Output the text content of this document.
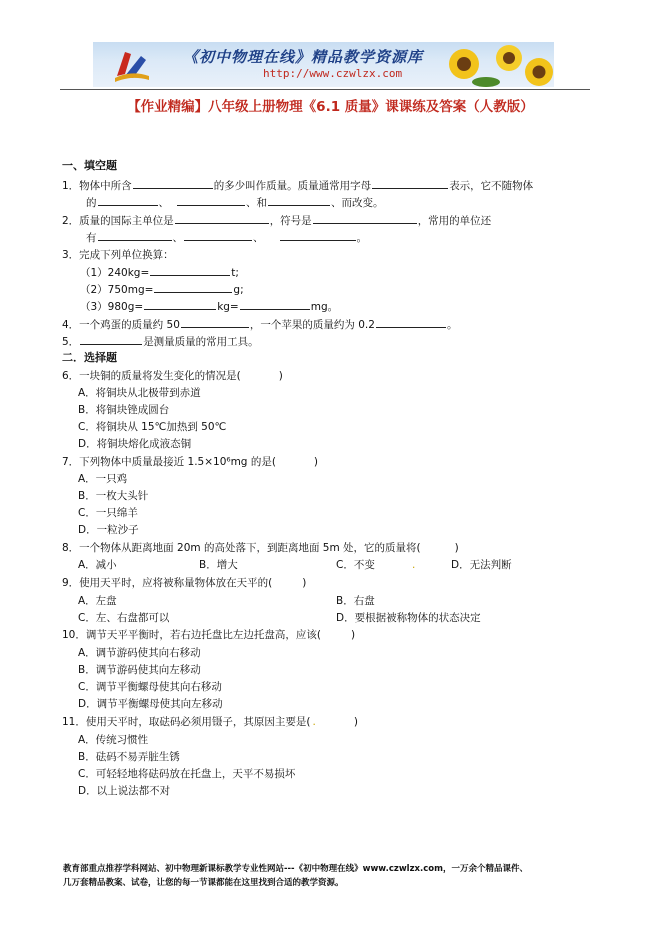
《初中物理在线》精品教学资源库
http://www.czwlzx.com
【作业精编】八年级上册物理《6.1 质量》课课练及答案（人教版）
一、填空题
1．物体中所含	的多少叫作质量。质量通常用字母	表示，它不随物体
的	、	、和	、而改变。
2．质量的国际主单位是	，符号是	，常用的单位还
有	、	、	。
3．完成下列单位换算：
（1）240kg=	t;
（2）750mg=	g;
（3）980g=	kg=	mg。
4．一个鸡蛋的质量约 50	，一个苹果的质量约为 0.2	。
5．	是测量质量的常用工具。
二．选择题
6．一块铜的质量将发生变化的情况是(	)
A．将铜块从北极带到赤道
B．将铜块锉成圆台
C．将铜块从 15℃加热到 50℃
D．将铜块熔化成液态铜
7．下列物体中质量最接近 1.5×10⁶mg 的是(	)
A．一只鸡
B．一枚大头针
C．一只绵羊
D．一粒沙子
8．一个物体从距离地面 20m 的高处落下，到距离地面 5m 处，它的质量将(	)
A．减小	B．增大	C．不变	.	D．无法判断
9．使用天平时，应将被称量物体放在天平的(	)
A．左盘	B．右盘
C．左、右盘都可以	D．要根据被称物体的状态决定
10．调节天平平衡时，若右边托盘比左边托盘高，应该(	)
A．调节游码使其向右移动
B．调节游码使其向左移动
C．调节平衡螺母使其向右移动
D．调节平衡螺母使其向左移动
11．使用天平时，取砝码必须用镊子，其原因主要是( .	)
A．传统习惯性
B．砝码不易弄脏生锈
C．可轻轻地将砝码放在托盘上，天平不易损坏
D．以上说法都不对
教育部重点推荐学科网站、初中物理新课标教学专业性网站---《初中物理在线》www.czwlzx.com，一万余个精品课件、
几万套精品教案、试卷，让您的每一节课都能在这里找到合适的教学资源。
